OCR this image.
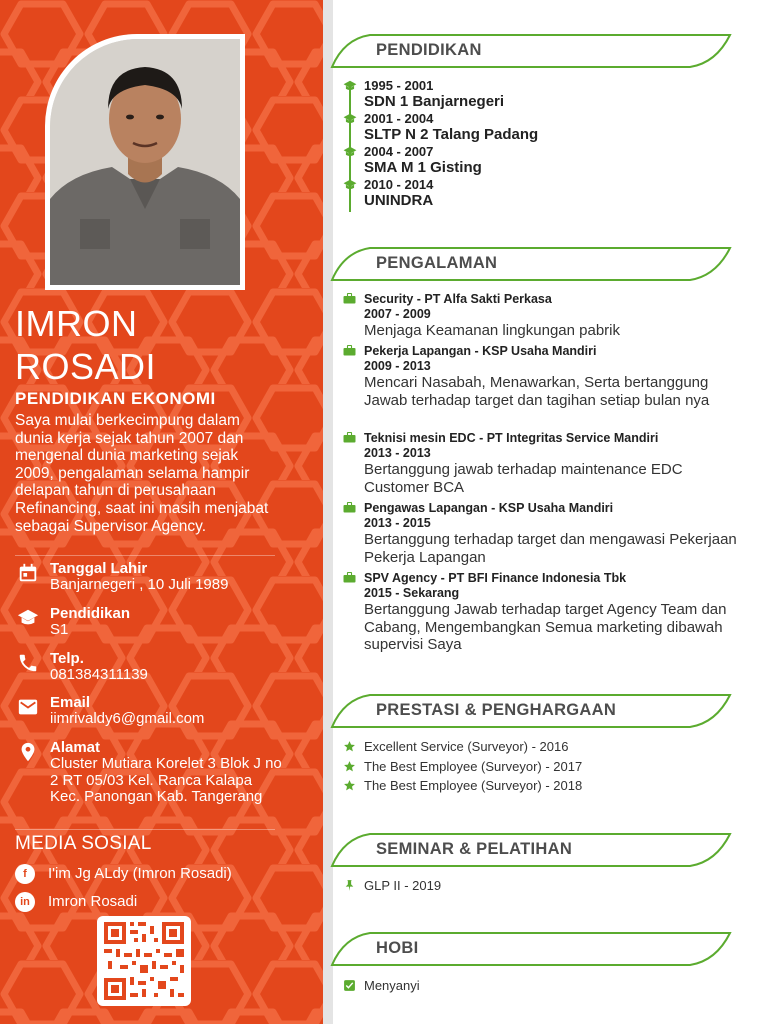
IMRON
ROSADI
PENDIDIKAN EKONOMI
Saya mulai berkecimpung dalam dunia kerja sejak tahun 2007 dan mengenal dunia marketing sejak 2009, pengalaman selama hampir delapan tahun di perusahaan Refinancing, saat ini masih menjabat sebagai Supervisor Agency.
Tanggal Lahir
Banjarnegeri , 10 Juli 1989
Pendidikan
S1
Telp.
081384311139
Email
iimrivaldy6@gmail.com
Alamat
Cluster Mutiara Korelet 3 Blok J no 2 RT 05/03 Kel. Ranca Kalapa Kec. Panongan Kab. Tangerang
MEDIA SOSIAL
f	I'im Jg ALdy (Imron Rosadi)
in	Imron Rosadi
PENDIDIKAN
1995 - 2001
SDN 1 Banjarnegeri
2001 - 2004
SLTP N 2 Talang Padang
2004 - 2007
SMA M 1 Gisting
2010 - 2014
UNINDRA
PENGALAMAN
Security - PT Alfa Sakti Perkasa
2007 - 2009
Menjaga Keamanan lingkungan pabrik
Pekerja Lapangan - KSP Usaha Mandiri
2009 - 2013
Mencari Nasabah, Menawarkan, Serta bertanggung Jawab terhadap target dan tagihan setiap bulan nya
Teknisi mesin EDC - PT Integritas Service Mandiri
2013 - 2013
Bertanggung jawab terhadap maintenance EDC Customer BCA
Pengawas Lapangan - KSP Usaha Mandiri
2013 - 2015
Bertanggung terhadap target dan mengawasi Pekerjaan Pekerja Lapangan
SPV Agency - PT BFI Finance Indonesia Tbk
2015 - Sekarang
Bertanggung Jawab terhadap target Agency Team dan Cabang, Mengembangkan Semua marketing dibawah supervisi Saya
PRESTASI & PENGHARGAAN
Excellent Service (Surveyor) - 2016
The Best Employee (Surveyor) - 2017
The Best Employee (Surveyor) - 2018
SEMINAR & PELATIHAN
GLP II - 2019
HOBI
Menyanyi
